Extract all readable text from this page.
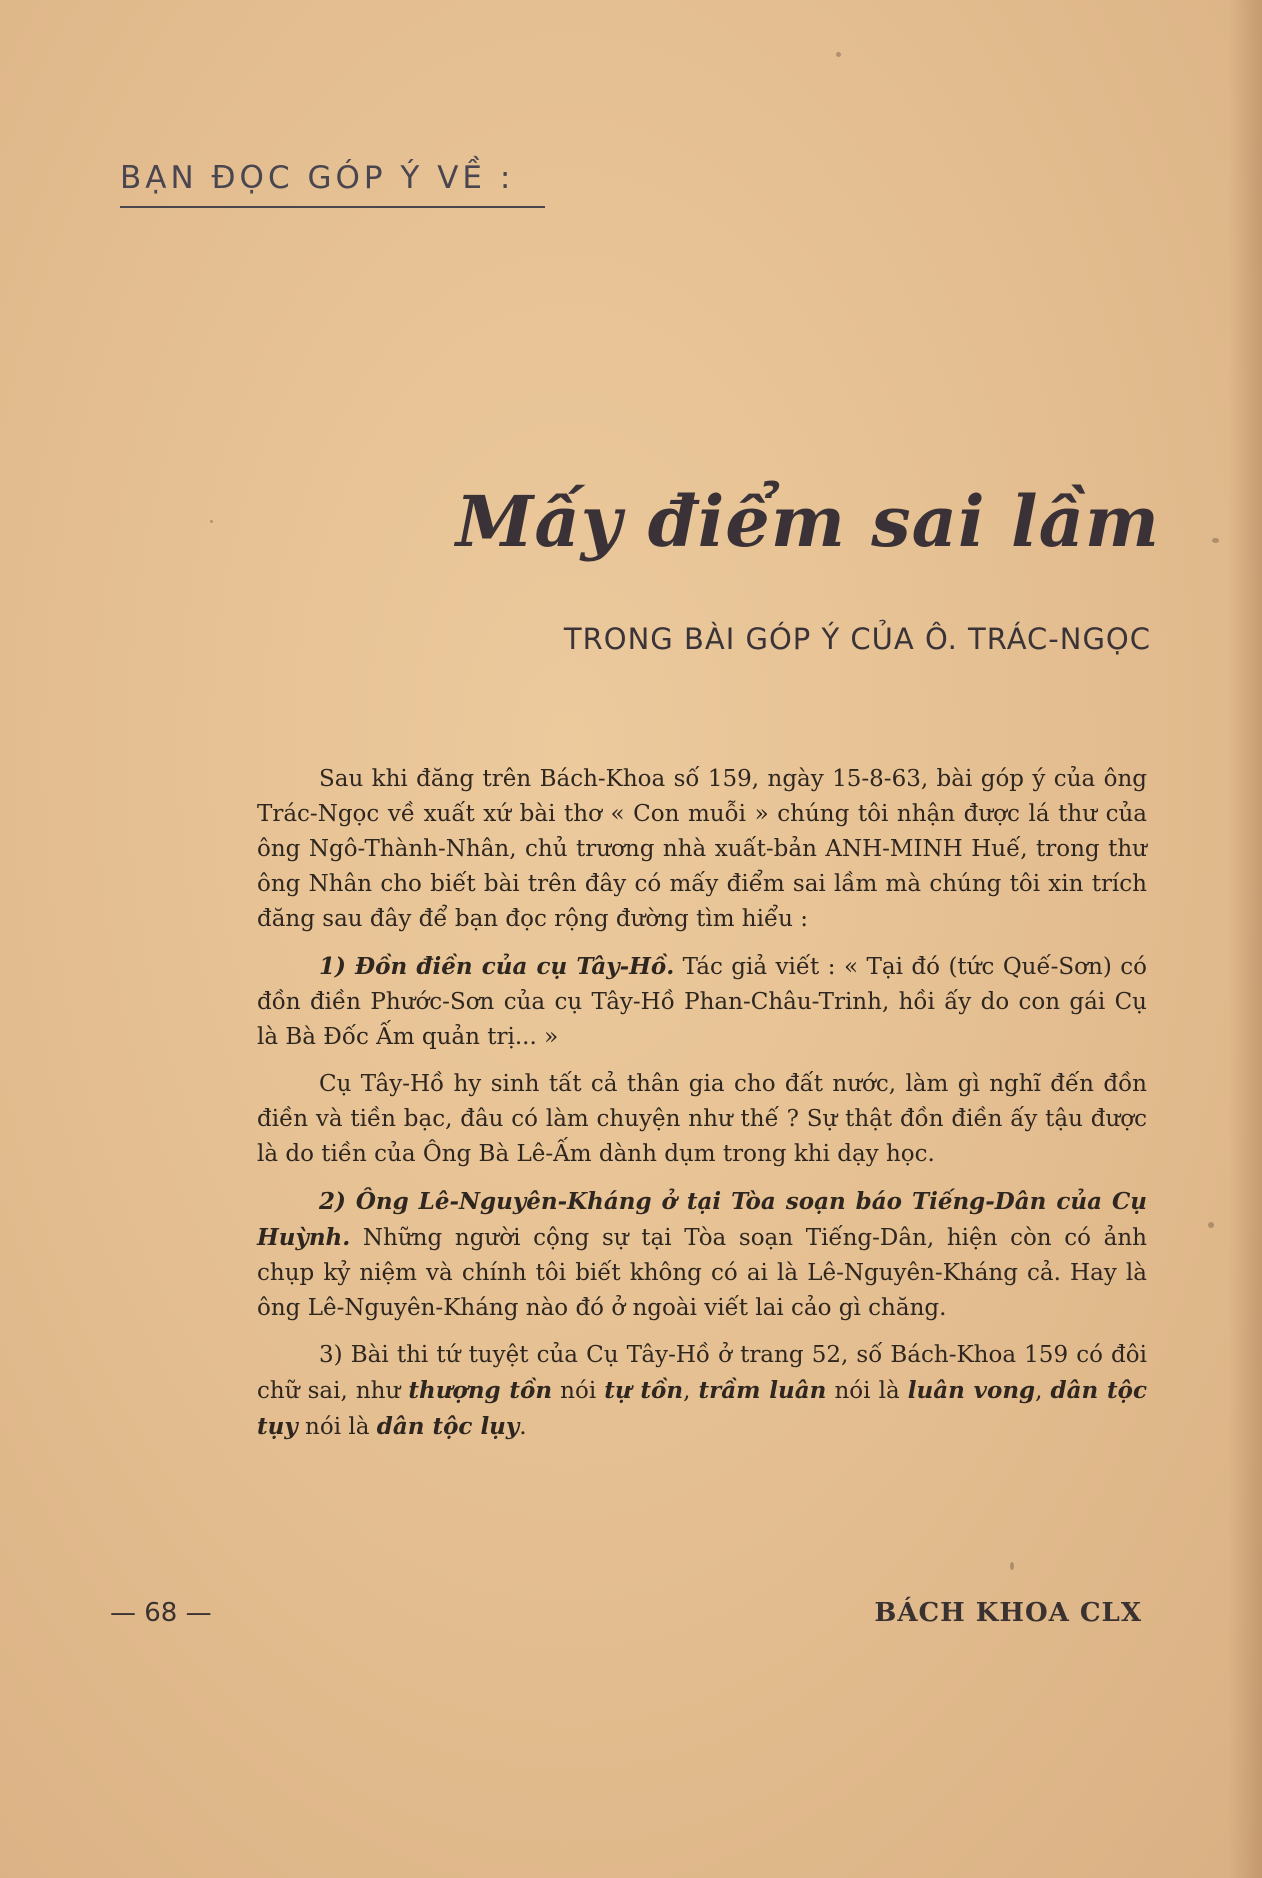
BẠN ĐỌC GÓP Ý VỀ :
Mấy điểm sai lầm
TRONG BÀI GÓP Ý CỦA Ô. TRÁC-NGỌC

Sau khi đăng trên Bách-Khoa số 159, ngày 15-8-63, bài góp ý của ông Trác-Ngọc về xuất xứ bài thơ « Con muỗi » chúng tôi nhận được lá thư của ông Ngô-Thành-Nhân, chủ trương nhà xuất-bản ANH-MINH Huế, trong thư ông Nhân cho biết bài trên đây có mấy điểm sai lầm mà chúng tôi xin trích đăng sau đây để bạn đọc rộng đường tìm hiểu :

1) Đồn điền của cụ Tây-Hồ. Tác giả viết : « Tại đó (tức Quế-Sơn) có đồn điền Phước-Sơn của cụ Tây-Hồ Phan-Châu-Trinh, hồi ấy do con gái Cụ là Bà Đốc Ấm quản trị... »

Cụ Tây-Hồ hy sinh tất cả thân gia cho đất nước, làm gì nghĩ đến đồn điền và tiền bạc, đâu có làm chuyện như thế ? Sự thật đồn điền ấy tậu được là do tiền của Ông Bà Lê-Ấm dành dụm trong khi dạy học.

2) Ông Lê-Nguyên-Kháng ở tại Tòa soạn báo Tiếng-Dân của Cụ Huỳnh. Những người cộng sự tại Tòa soạn Tiếng-Dân, hiện còn có ảnh chụp kỷ niệm và chính tôi biết không có ai là Lê-Nguyên-Kháng cả. Hay là ông Lê-Nguyên-Kháng nào đó ở ngoài viết lai cảo gì chăng.

3) Bài thi tứ tuyệt của Cụ Tây-Hồ ở trang 52, số Bách-Khoa 159 có đôi chữ sai, như thượng tồn nói tự tồn, trầm luân nói là luân vong, dân tộc tụy nói là dân tộc lụy.

— 68 —	BÁCH KHOA CLX
